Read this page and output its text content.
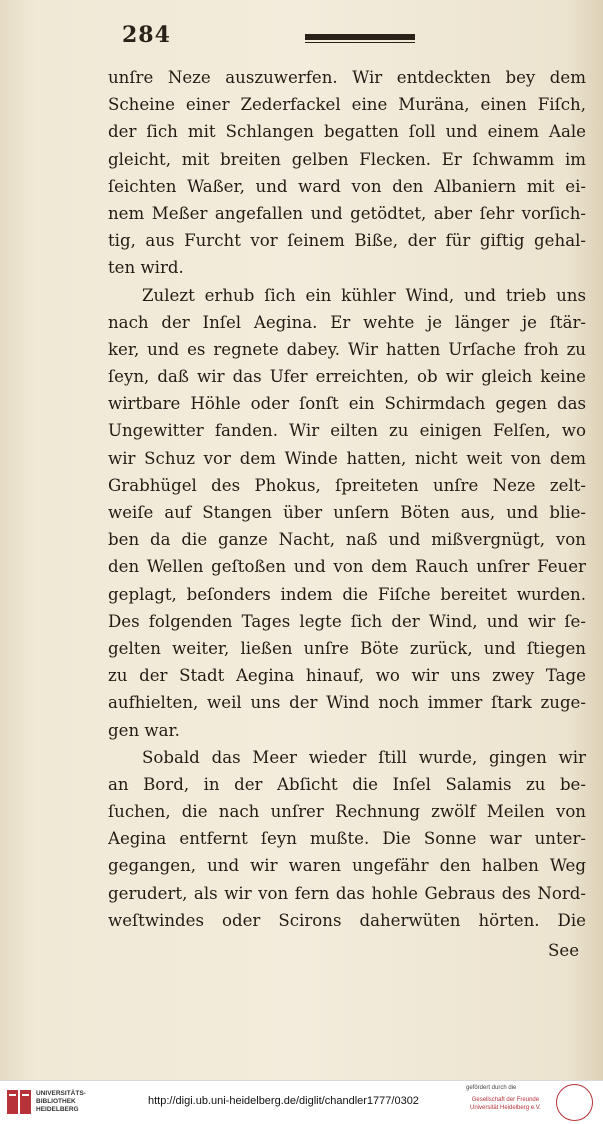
284
unſre Neze auszuwerfen. Wir entdeckten bey dem
Scheine einer Zederfackel eine Muräna, einen Fiſch,
der ſich mit Schlangen begatten ſoll und einem Aale
gleicht, mit breiten gelben Flecken. Er ſchwamm im
ſeichten Waßer, und ward von den Albaniern mit ei-
nem Meßer angefallen und getödtet, aber ſehr vorſich-
tig, aus Furcht vor ſeinem Biße, der für giftig gehal-
ten wird.
Zulezt erhub ſich ein kühler Wind, und trieb uns
nach der Inſel Aegina. Er wehte je länger je ſtär-
ker, und es regnete dabey. Wir hatten Urſache froh zu
ſeyn, daß wir das Ufer erreichten, ob wir gleich keine
wirtbare Höhle oder ſonſt ein Schirmdach gegen das
Ungewitter fanden. Wir eilten zu einigen Felſen, wo
wir Schuz vor dem Winde hatten, nicht weit von dem
Grabhügel des Phokus, ſpreiteten unſre Neze zelt-
weiſe auf Stangen über unſern Böten aus, und blie-
ben da die ganze Nacht, naß und mißvergnügt, von
den Wellen geſtoßen und von dem Rauch unſrer Feuer
geplagt, beſonders indem die Fiſche bereitet wurden.
Des folgenden Tages legte ſich der Wind, und wir ſe-
gelten weiter, ließen unſre Böte zurück, und ſtiegen
zu der Stadt Aegina hinauf, wo wir uns zwey Tage
aufhielten, weil uns der Wind noch immer ſtark zuge-
gen war.
Sobald das Meer wieder ſtill wurde, gingen wir
an Bord, in der Abſicht die Inſel Salamis zu be-
ſuchen, die nach unſrer Rechnung zwölf Meilen von
Aegina entfernt ſeyn mußte. Die Sonne war unter-
gegangen, und wir waren ungefähr den halben Weg
gerudert, als wir von fern das hohle Gebraus des Nord-
weſtwindes oder Scirons daherwüten hörten. Die
See
UNIVERSITÄTS-
BIBLIOTHEK
HEIDELBERG
http://digi.ub.uni-heidelberg.de/diglit/chandler1777/0302
gefördert durch die
Gesellschaft der Freunde
Universität Heidelberg e.V.
